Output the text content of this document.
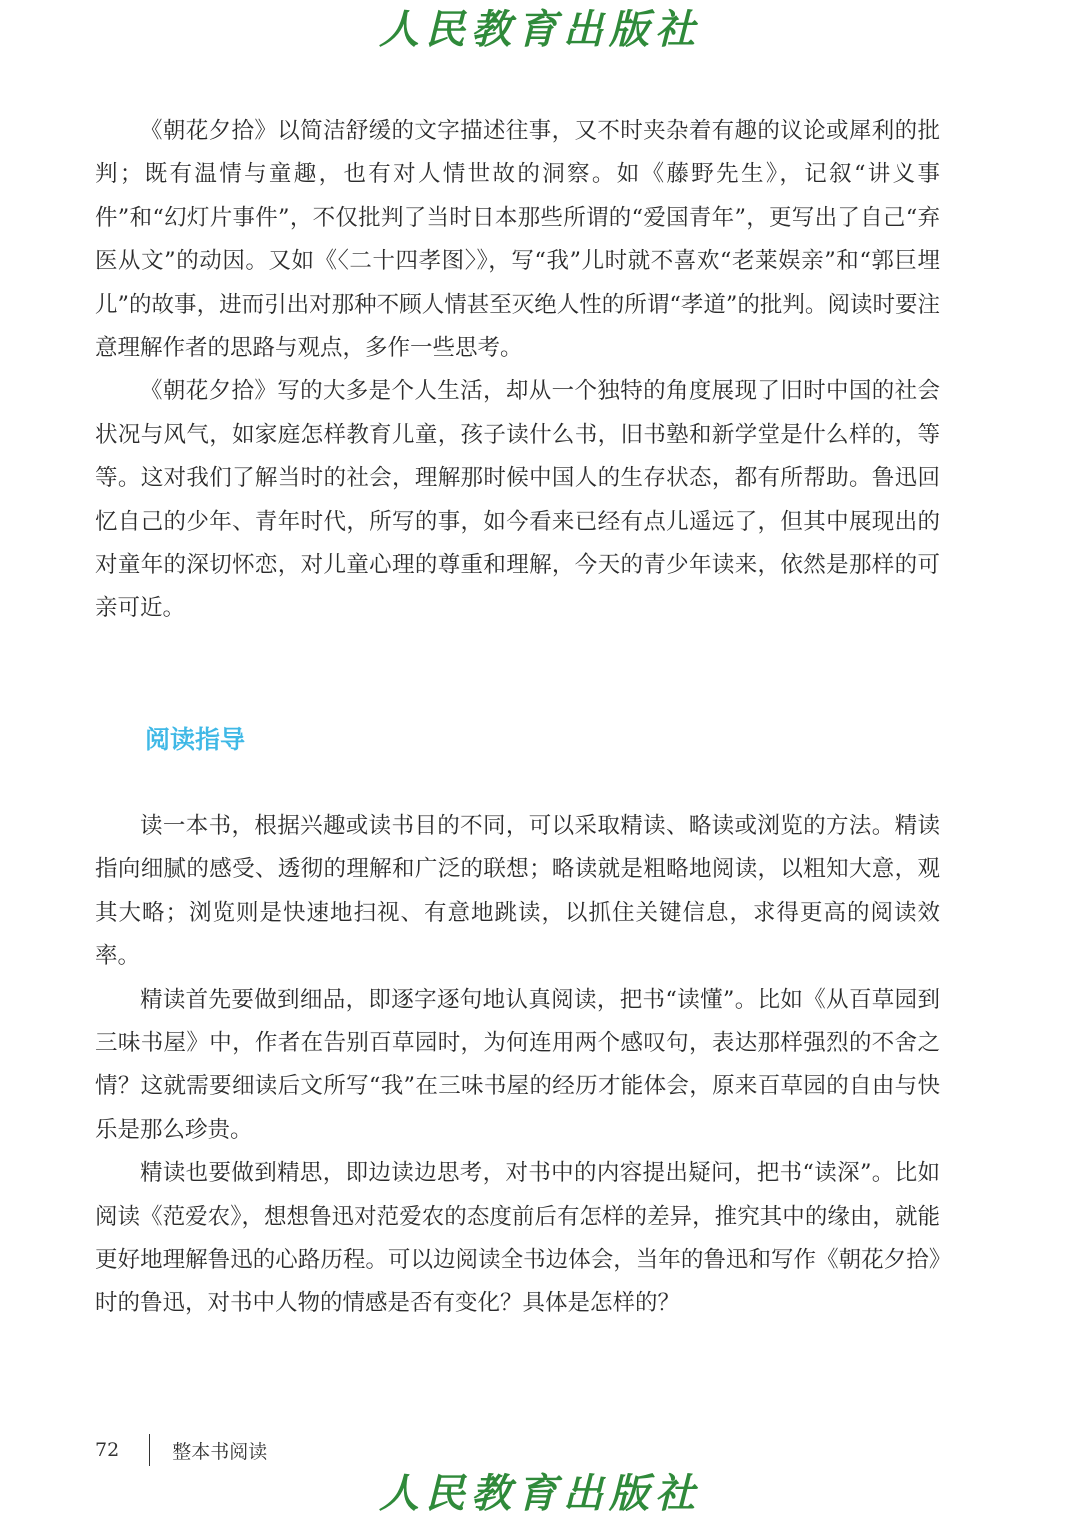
人民教育出版社

《朝花夕拾》以简洁舒缓的文字描述往事，又不时夹杂着有趣的议论或犀利的批判；既有温情与童趣，也有对人情世故的洞察。如《藤野先生》，记叙“讲义事件”和“幻灯片事件”，不仅批判了当时日本那些所谓的“爱国青年”，更写出了自己“弃医从文”的动因。又如《〈二十四孝图〉》，写“我”儿时就不喜欢“老莱娱亲”和“郭巨埋儿”的故事，进而引出对那种不顾人情甚至灭绝人性的所谓“孝道”的批判。阅读时要注意理解作者的思路与观点，多作一些思考。

《朝花夕拾》写的大多是个人生活，却从一个独特的角度展现了旧时中国的社会状况与风气，如家庭怎样教育儿童，孩子读什么书，旧书塾和新学堂是什么样的，等等。这对我们了解当时的社会，理解那时候中国人的生存状态，都有所帮助。鲁迅回忆自己的少年、青年时代，所写的事，如今看来已经有点儿遥远了，但其中展现出的对童年的深切怀恋，对儿童心理的尊重和理解，今天的青少年读来，依然是那样的可亲可近。

阅读指导

读一本书，根据兴趣或读书目的不同，可以采取精读、略读或浏览的方法。精读指向细腻的感受、透彻的理解和广泛的联想；略读就是粗略地阅读，以粗知大意，观其大略；浏览则是快速地扫视、有意地跳读，以抓住关键信息，求得更高的阅读效率。

精读首先要做到细品，即逐字逐句地认真阅读，把书“读懂”。比如《从百草园到三味书屋》中，作者在告别百草园时，为何连用两个感叹句，表达那样强烈的不舍之情？这就需要细读后文所写“我”在三味书屋的经历才能体会，原来百草园的自由与快乐是那么珍贵。

精读也要做到精思，即边读边思考，对书中的内容提出疑问，把书“读深”。比如阅读《范爱农》，想想鲁迅对范爱农的态度前后有怎样的差异，推究其中的缘由，就能更好地理解鲁迅的心路历程。可以边阅读全书边体会，当年的鲁迅和写作《朝花夕拾》时的鲁迅，对书中人物的情感是否有变化？具体是怎样的？

72	整本书阅读
人民教育出版社
